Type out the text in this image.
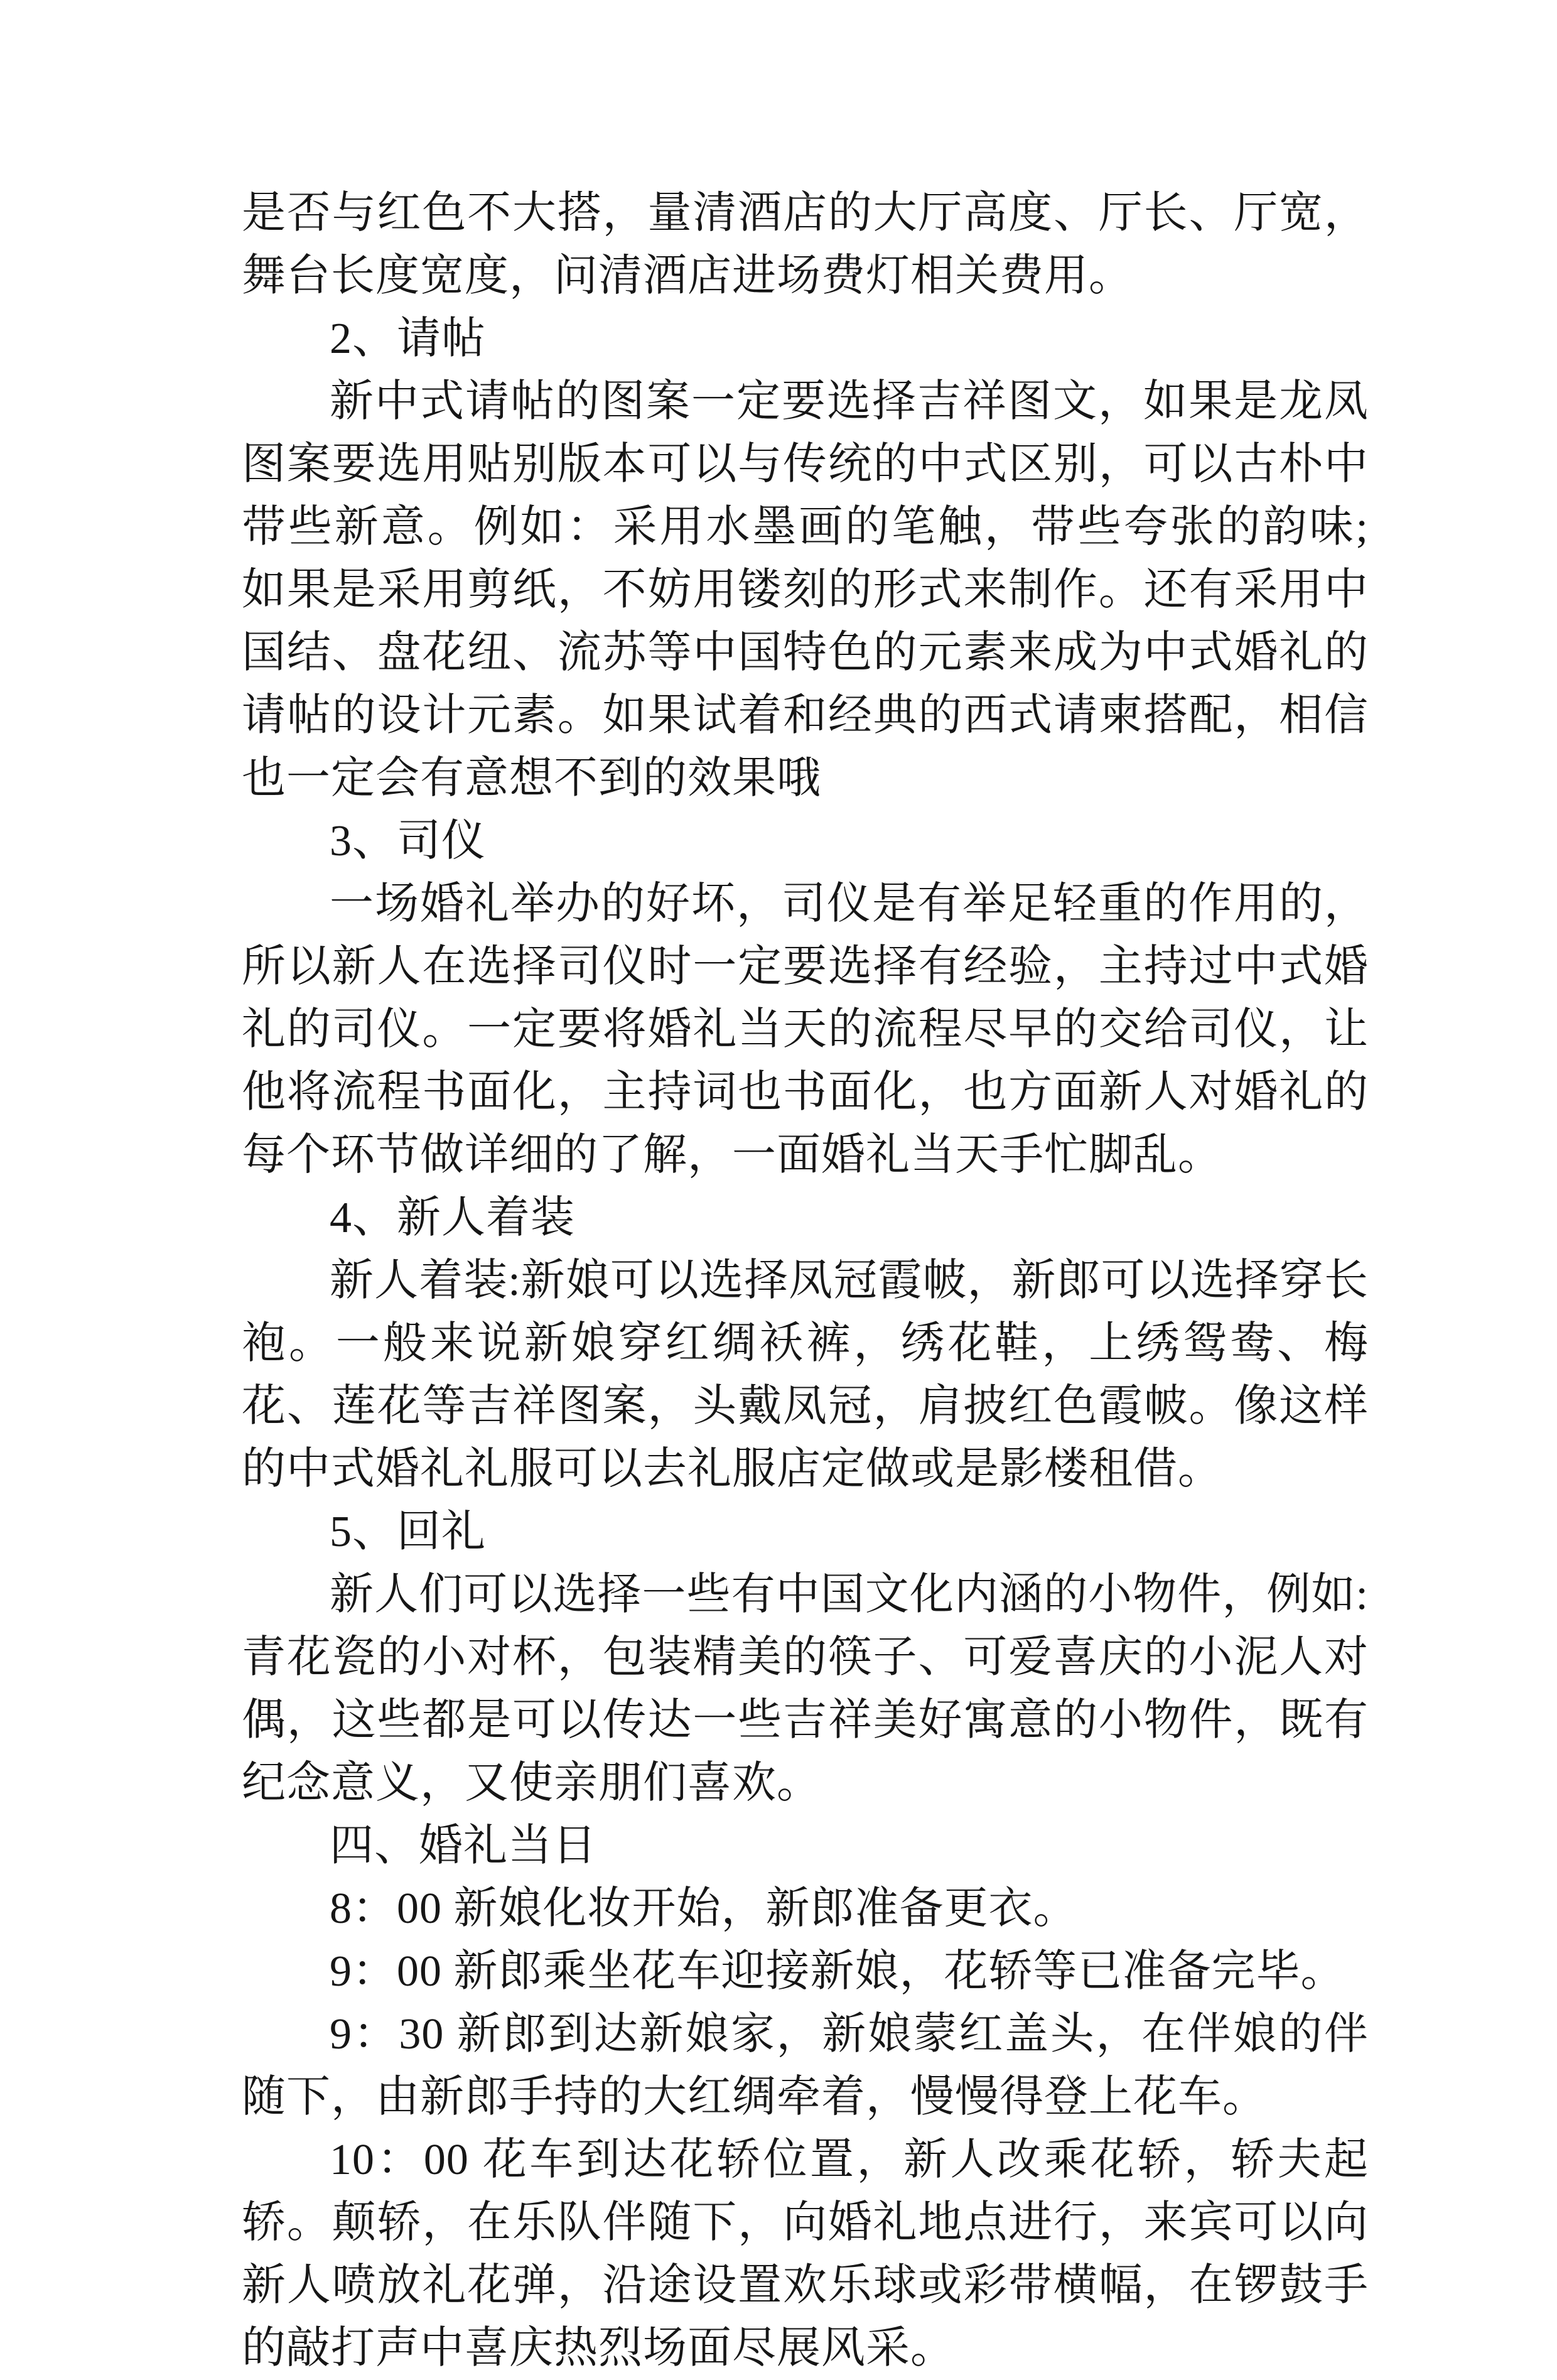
是否与红色不大搭，量清酒店的大厅高度、厅长、厅宽，舞台长度宽度，问清酒店进场费灯相关费用。

2、请帖

新中式请帖的图案一定要选择吉祥图文，如果是龙凤图案要选用贴别版本可以与传统的中式区别，可以古朴中带些新意。例如：采用水墨画的笔触，带些夸张的韵味;如果是采用剪纸，不妨用镂刻的形式来制作。还有采用中国结、盘花纽、流苏等中国特色的元素来成为中式婚礼的请帖的设计元素。如果试着和经典的西式请柬搭配，相信也一定会有意想不到的效果哦

3、司仪

一场婚礼举办的好坏，司仪是有举足轻重的作用的，所以新人在选择司仪时一定要选择有经验，主持过中式婚礼的司仪。一定要将婚礼当天的流程尽早的交给司仪，让他将流程书面化，主持词也书面化，也方面新人对婚礼的每个环节做详细的了解，一面婚礼当天手忙脚乱。

4、新人着装

新人着装:新娘可以选择凤冠霞帔，新郎可以选择穿长袍。一般来说新娘穿红绸袄裤，绣花鞋，上绣鸳鸯、梅花、莲花等吉祥图案，头戴凤冠，肩披红色霞帔。像这样的中式婚礼礼服可以去礼服店定做或是影楼租借。

5、回礼

新人们可以选择一些有中国文化内涵的小物件，例如:青花瓷的小对杯，包装精美的筷子、可爱喜庆的小泥人对偶，这些都是可以传达一些吉祥美好寓意的小物件，既有纪念意义，又使亲朋们喜欢。

四、婚礼当日

8：00 新娘化妆开始，新郎准备更衣。

9：00 新郎乘坐花车迎接新娘，花轿等已准备完毕。

9：30 新郎到达新娘家，新娘蒙红盖头，在伴娘的伴随下，由新郎手持的大红绸牵着，慢慢得登上花车。

10：00 花车到达花轿位置，新人改乘花轿，轿夫起轿。颠轿，在乐队伴随下，向婚礼地点进行，来宾可以向新人喷放礼花弹，沿途设置欢乐球或彩带横幅，在锣鼓手的敲打声中喜庆热烈场面尽展风采。
